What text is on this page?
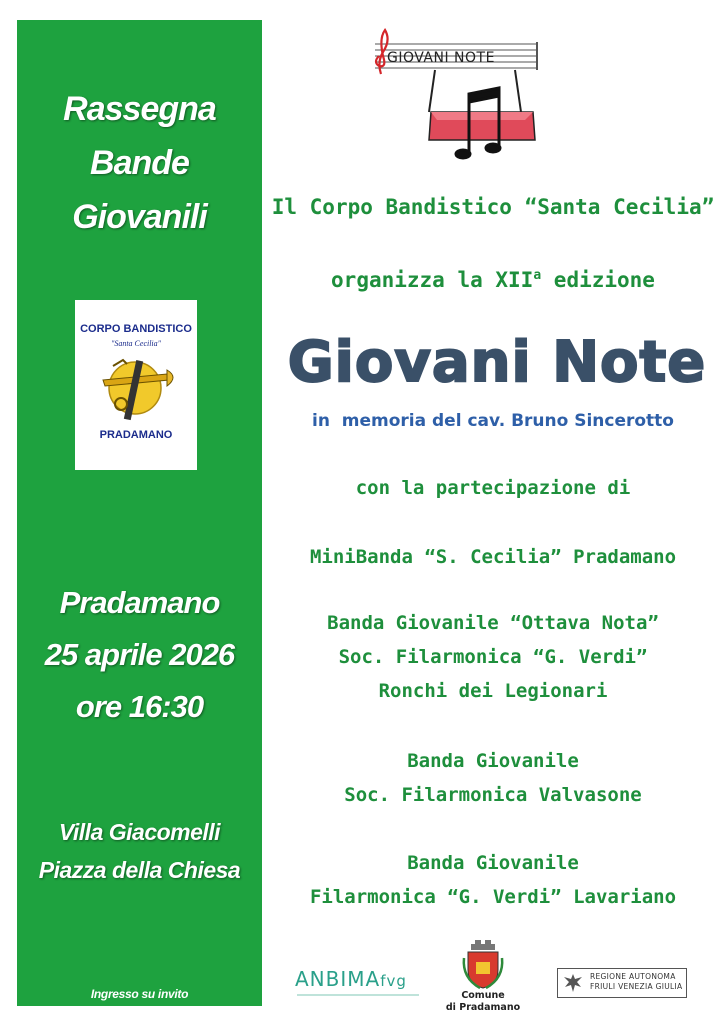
Rassegna
Bande
Giovanili
Pradamano
25 aprile 2026
ore 16:30
Villa Giacomelli
Piazza della Chiesa
Ingresso su invito
CORPO BANDISTICO
"Santa Cecilia"
PRADAMANO
GIOVANI NOTE
Il Corpo Bandistico “Santa Cecilia”
organizza la XII$^a$ edizione
Giovani Note
in  memoria del cav. Bruno Sincerotto
con la partecipazione di
MiniBanda “S. Cecilia” Pradamano
Banda Giovanile “Ottava Nota”
Soc. Filarmonica “G. Verdi”
Ronchi dei Legionari
Banda Giovanile
Soc. Filarmonica Valvasone
Banda Giovanile
Filarmonica “G. Verdi” Lavariano
ANBIMAfvg
Comune
di Pradamano
REGIONE AUTONOMA
FRIULI VENEZIA GIULIA
